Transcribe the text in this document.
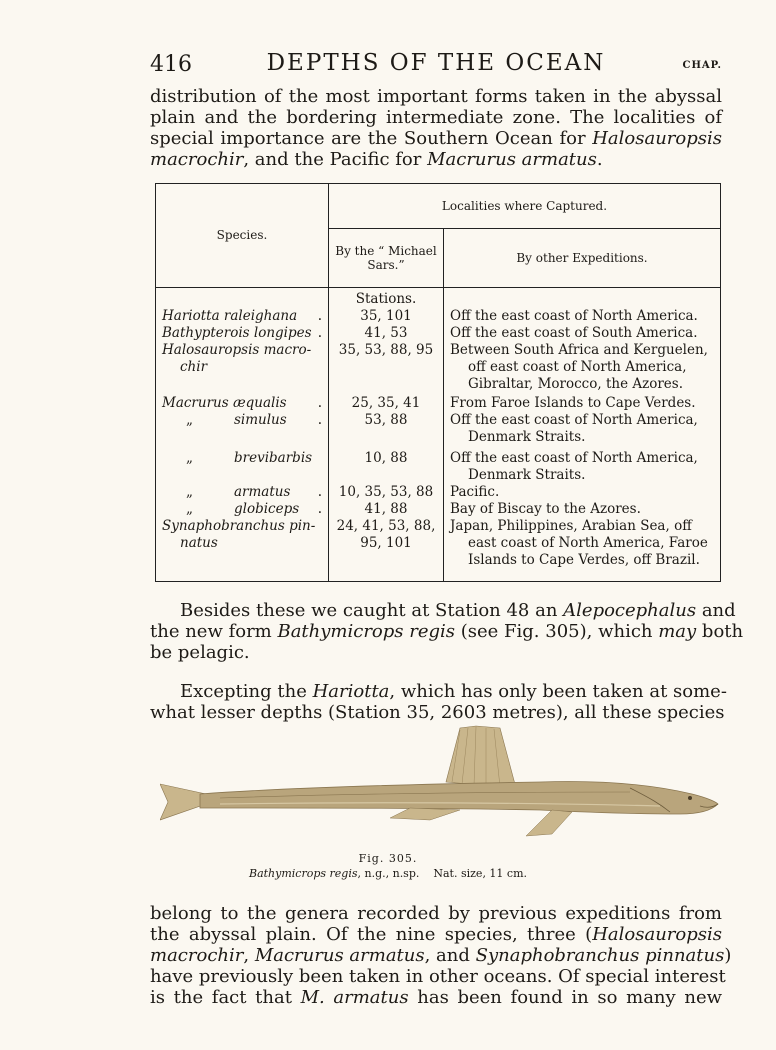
416	DEPTHS OF THE OCEAN	CHAP.
distribution of the most important forms taken in the abyssal
plain and the bordering intermediate zone. The localities of
special importance are the Southern Ocean for Halosauropsis
macrochir, and the Pacific for Macrurus armatus.
Species.	Localities where Captured.	
	By the “ Michael Sars.”	By other Expeditions.

	Stations.	
Hariotta raleighana .	35, 101	Off the east coast of North America.
Bathypterois longipes .	41, 53	Off the east coast of South America.
Halosauropsis macro-
chir	35, 53, 88, 95	Between South Africa and Kerguelen,
off east coast of North America,
Gibraltar, Morocco, the Azores.

Macrurus æqualis .	25, 35, 41	From Faroe Islands to Cape Verdes.
„ simulus .	53, 88	Off the east coast of North America,
Denmark Straits.

„ brevibarbis	10, 88	Off the east coast of North America,
Denmark Straits.

„ armatus .	10, 35, 53, 88	Pacific.
„ globiceps .	41, 88	Bay of Biscay to the Azores.
Synaphobranchus pin-
natus	24, 41, 53, 88,
95, 101	Japan, Philippines, Arabian Sea, off
east coast of North America, Faroe
Islands to Cape Verdes, off Brazil.
Besides these we caught at Station 48 an Alepocephalus and
the new form Bathymicrops regis (see Fig. 305), which may both
be pelagic.
Excepting the Hariotta, which has only been taken at some-
what lesser depths (Station 35, 2603 metres), all these species
Fig. 305.
Bathymicrops regis, n.g., n.sp. Nat. size, 11 cm.
belong to the genera recorded by previous expeditions from
the abyssal plain. Of the nine species, three (Halosauropsis
macrochir, Macrurus armatus, and Synaphobranchus pinnatus)
have previously been taken in other oceans. Of special interest
is the fact that M. armatus has been found in so many new
